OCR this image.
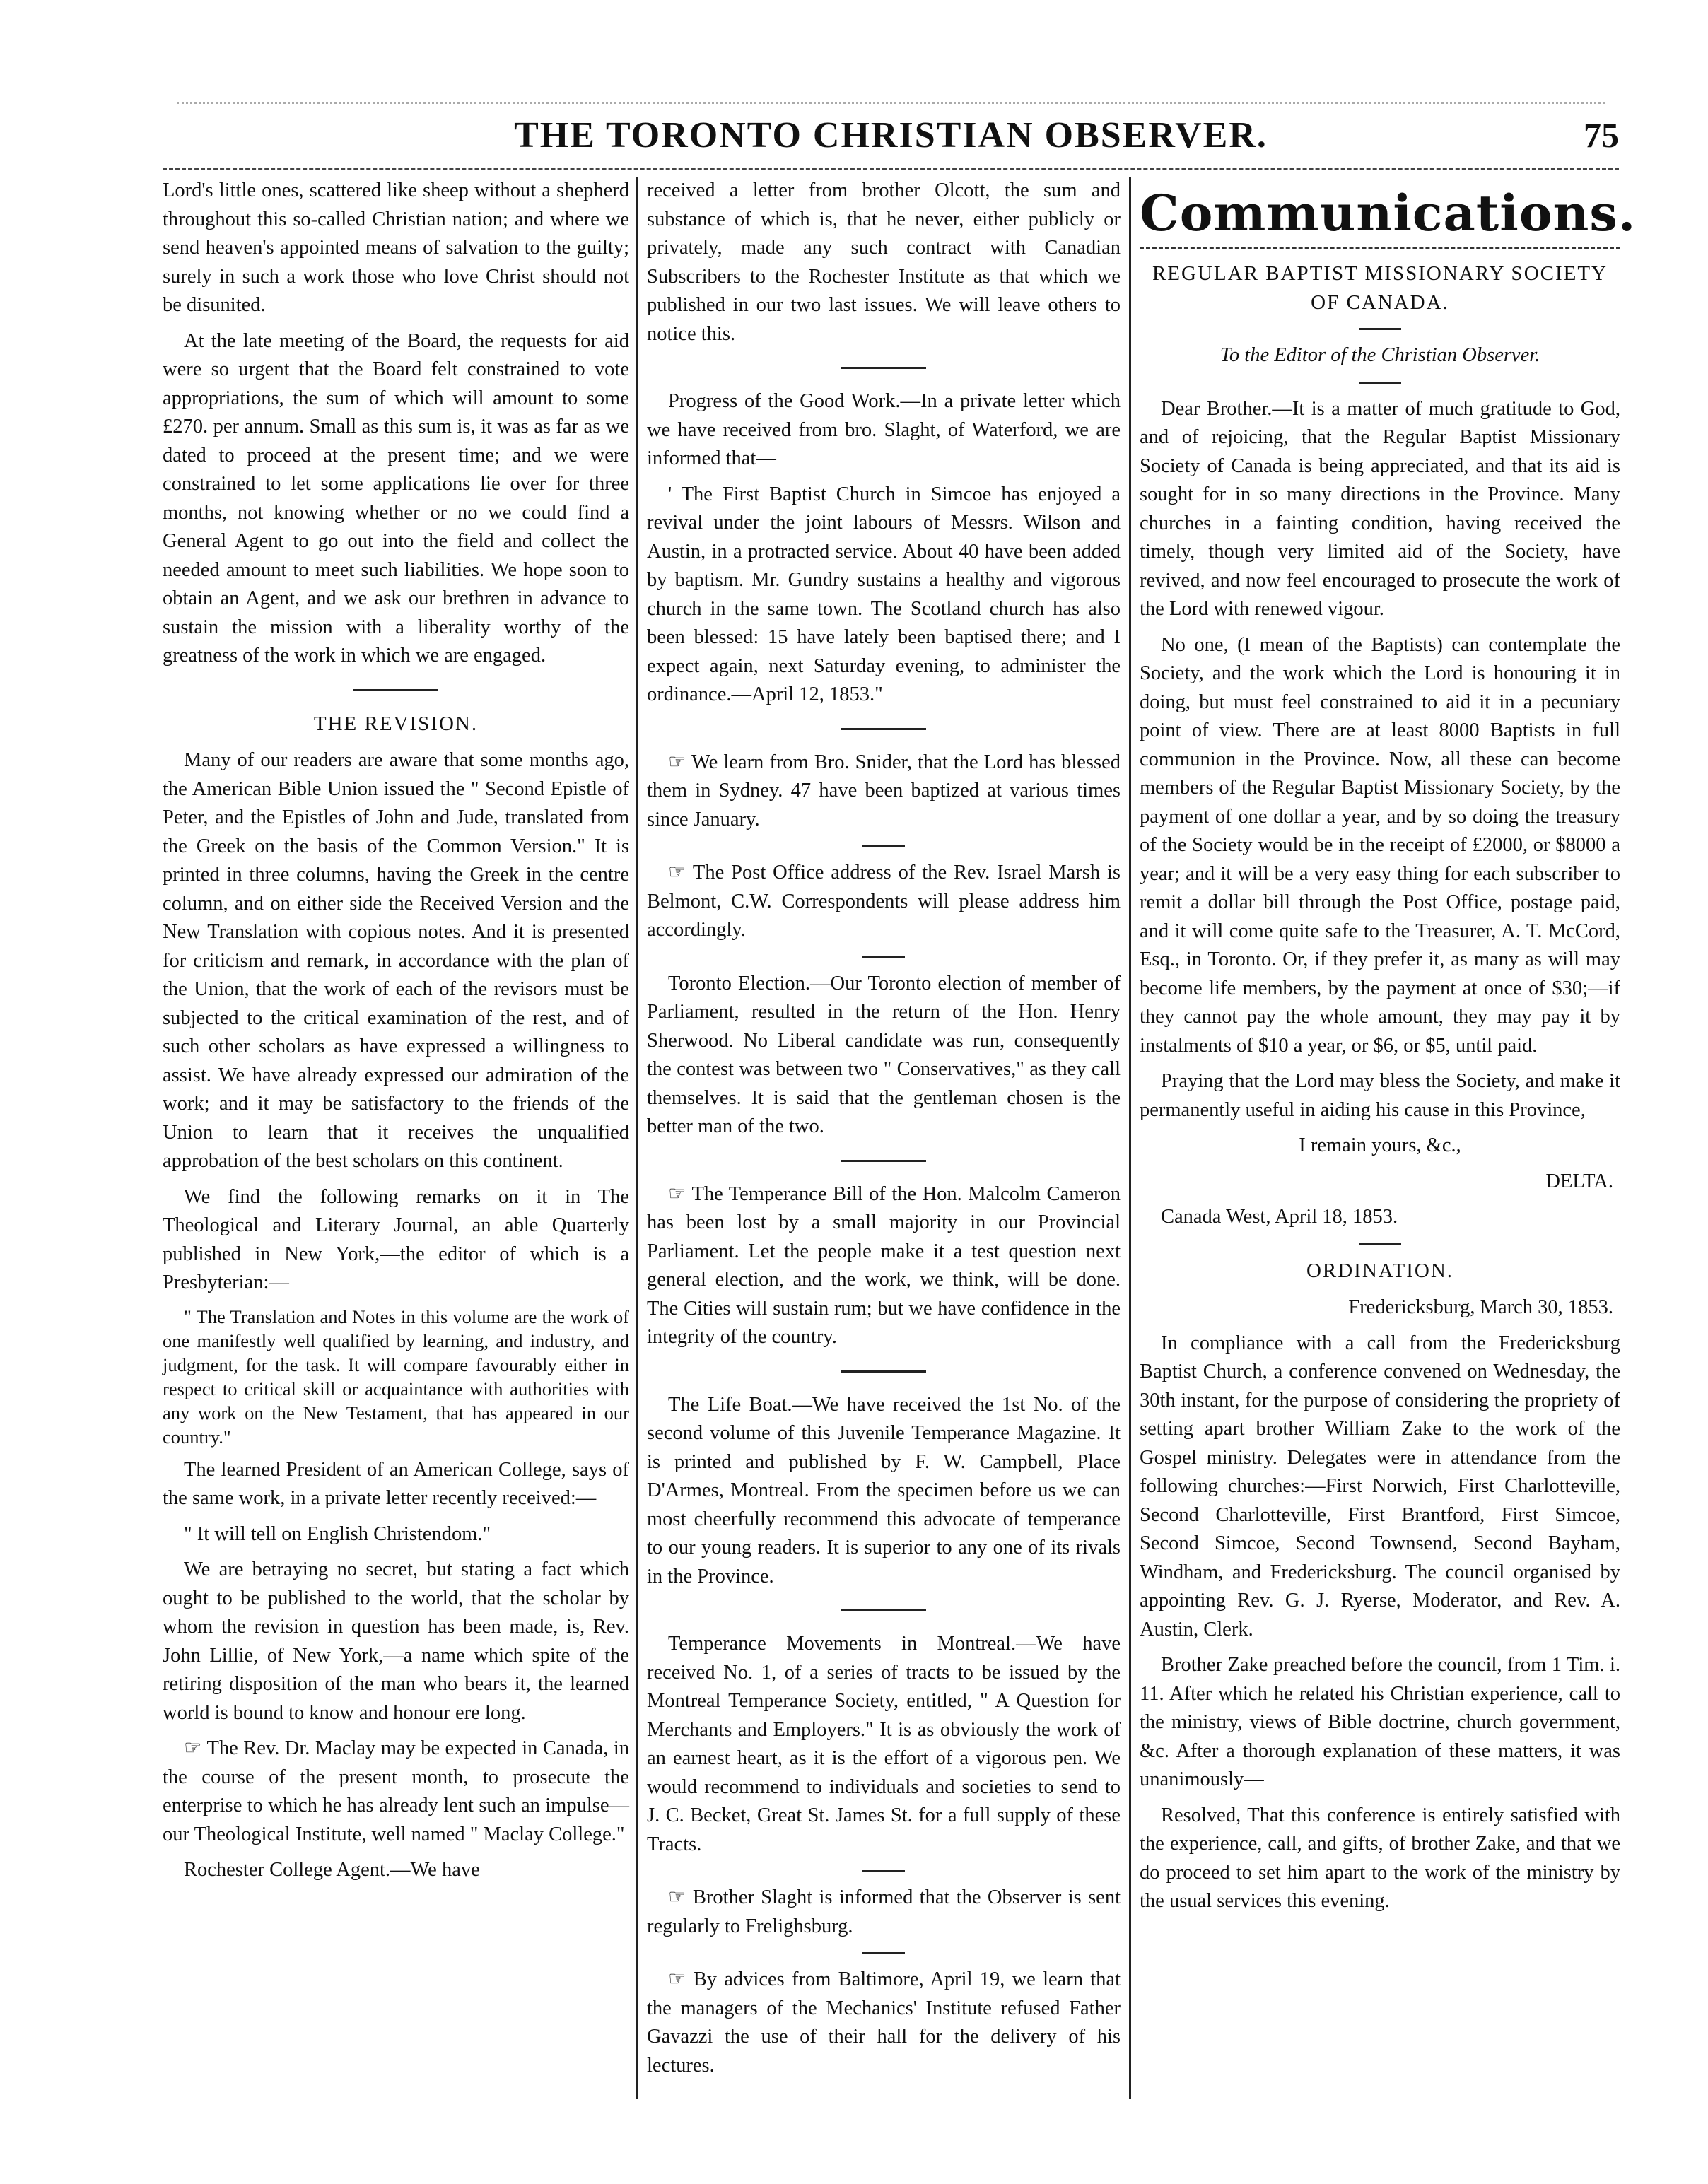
THE TORONTO CHRISTIAN OBSERVER.	75

Lord's little ones, scattered like sheep without a shepherd throughout this so-called Christian nation; and where we send heaven's appointed means of salvation to the guilty; surely in such a work those who love Christ should not be disunited.

At the late meeting of the Board, the requests for aid were so urgent that the Board felt constrained to vote appropriations, the sum of which will amount to some £270. per annum. Small as this sum is, it was as far as we dated to proceed at the present time; and we were constrained to let some applications lie over for three months, not knowing whether or no we could find a General Agent to go out into the field and collect the needed amount to meet such liabilities. We hope soon to obtain an Agent, and we ask our brethren in advance to sustain the mission with a liberality worthy of the greatness of the work in which we are engaged.

THE REVISION.

Many of our readers are aware that some months ago, the American Bible Union issued the " Second Epistle of Peter, and the Epistles of John and Jude, translated from the Greek on the basis of the Common Version." It is printed in three columns, having the Greek in the centre column, and on either side the Received Version and the New Translation with copious notes. And it is presented for criticism and remark, in accordance with the plan of the Union, that the work of each of the revisors must be subjected to the critical examination of the rest, and of such other scholars as have expressed a willingness to assist. We have already expressed our admiration of the work; and it may be satisfactory to the friends of the Union to learn that it receives the unqualified approbation of the best scholars on this continent.

We find the following remarks on it in The Theological and Literary Journal, an able Quarterly published in New York,—the editor of which is a Presbyterian:—

" The Translation and Notes in this volume are the work of one manifestly well qualified by learning, and industry, and judgment, for the task. It will compare favourably either in respect to critical skill or acquaintance with authorities with any work on the New Testament, that has appeared in our country."

The learned President of an American College, says of the same work, in a private letter recently received:—

" It will tell on English Christendom."

We are betraying no secret, but stating a fact which ought to be published to the world, that the scholar by whom the revision in question has been made, is, Rev. John Lillie, of New York,—a name which spite of the retiring disposition of the man who bears it, the learned world is bound to know and honour ere long.

☞ The Rev. Dr. Maclay may be expected in Canada, in the course of the present month, to prosecute the enterprise to which he has already lent such an impulse—our Theological Institute, well named " Maclay College."

Rochester College Agent.—We have

received a letter from brother Olcott, the sum and substance of which is, that he never, either publicly or privately, made any such contract with Canadian Subscribers to the Rochester Institute as that which we published in our two last issues. We will leave others to notice this.

Progress of the Good Work.—In a private letter which we have received from bro. Slaght, of Waterford, we are informed that—

' The First Baptist Church in Simcoe has enjoyed a revival under the joint labours of Messrs. Wilson and Austin, in a protracted service. About 40 have been added by baptism. Mr. Gundry sustains a healthy and vigorous church in the same town. The Scotland church has also been blessed: 15 have lately been baptised there; and I expect again, next Saturday evening, to administer the ordinance.—April 12, 1853."

☞ We learn from Bro. Snider, that the Lord has blessed them in Sydney. 47 have been baptized at various times since January.

☞ The Post Office address of the Rev. Israel Marsh is Belmont, C.W. Correspondents will please address him accordingly.

Toronto Election.—Our Toronto election of member of Parliament, resulted in the return of the Hon. Henry Sherwood. No Liberal candidate was run, consequently the contest was between two " Conservatives," as they call themselves. It is said that the gentleman chosen is the better man of the two.

☞ The Temperance Bill of the Hon. Malcolm Cameron has been lost by a small majority in our Provincial Parliament. Let the people make it a test question next general election, and the work, we think, will be done. The Cities will sustain rum; but we have confidence in the integrity of the country.

The Life Boat.—We have received the 1st No. of the second volume of this Juvenile Temperance Magazine. It is printed and published by F. W. Campbell, Place D'Armes, Montreal. From the specimen before us we can most cheerfully recommend this advocate of temperance to our young readers. It is superior to any one of its rivals in the Province.

Temperance Movements in Montreal.—We have received No. 1, of a series of tracts to be issued by the Montreal Temperance Society, entitled, " A Question for Merchants and Employers." It is as obviously the work of an earnest heart, as it is the effort of a vigorous pen. We would recommend to individuals and societies to send to J. C. Becket, Great St. James St. for a full supply of these Tracts.

☞ Brother Slaght is informed that the Observer is sent regularly to Frelighsburg.

☞ By advices from Baltimore, April 19, we learn that the managers of the Mechanics' Institute refused Father Gavazzi the use of their hall for the delivery of his lectures.

Communications.
REGULAR BAPTIST MISSIONARY SOCIETY OF CANADA.

To the Editor of the Christian Observer.

Dear Brother.—It is a matter of much gratitude to God, and of rejoicing, that the Regular Baptist Missionary Society of Canada is being appreciated, and that its aid is sought for in so many directions in the Province. Many churches in a fainting condition, having received the timely, though very limited aid of the Society, have revived, and now feel encouraged to prosecute the work of the Lord with renewed vigour.

No one, (I mean of the Baptists) can contemplate the Society, and the work which the Lord is honouring it in doing, but must feel constrained to aid it in a pecuniary point of view. There are at least 8000 Baptists in full communion in the Province. Now, all these can become members of the Regular Baptist Missionary Society, by the payment of one dollar a year, and by so doing the treasury of the Society would be in the receipt of £2000, or $8000 a year; and it will be a very easy thing for each subscriber to remit a dollar bill through the Post Office, postage paid, and it will come quite safe to the Treasurer, A. T. McCord, Esq., in Toronto. Or, if they prefer it, as many as will may become life members, by the payment at once of $30;—if they cannot pay the whole amount, they may pay it by instalments of $10 a year, or $6, or $5, until paid.

Praying that the Lord may bless the Society, and make it permanently useful in aiding his cause in this Province,

I remain yours, &c.,

DELTA.

Canada West, April 18, 1853.

ORDINATION.

Fredericksburg, March 30, 1853.

In compliance with a call from the Fredericksburg Baptist Church, a conference convened on Wednesday, the 30th instant, for the purpose of considering the propriety of setting apart brother William Zake to the work of the Gospel ministry. Delegates were in attendance from the following churches:—First Norwich, First Charlotteville, Second Charlotteville, First Brantford, First Simcoe, Second Simcoe, Second Townsend, Second Bayham, Windham, and Fredericksburg. The council organised by appointing Rev. G. J. Ryerse, Moderator, and Rev. A. Austin, Clerk.

Brother Zake preached before the council, from 1 Tim. i. 11. After which he related his Christian experience, call to the ministry, views of Bible doctrine, church government, &c. After a thorough explanation of these matters, it was unanimously—

Resolved, That this conference is entirely satisfied with the experience, call, and gifts, of brother Zake, and that we do proceed to set him apart to the work of the ministry by the usual services this evening.
